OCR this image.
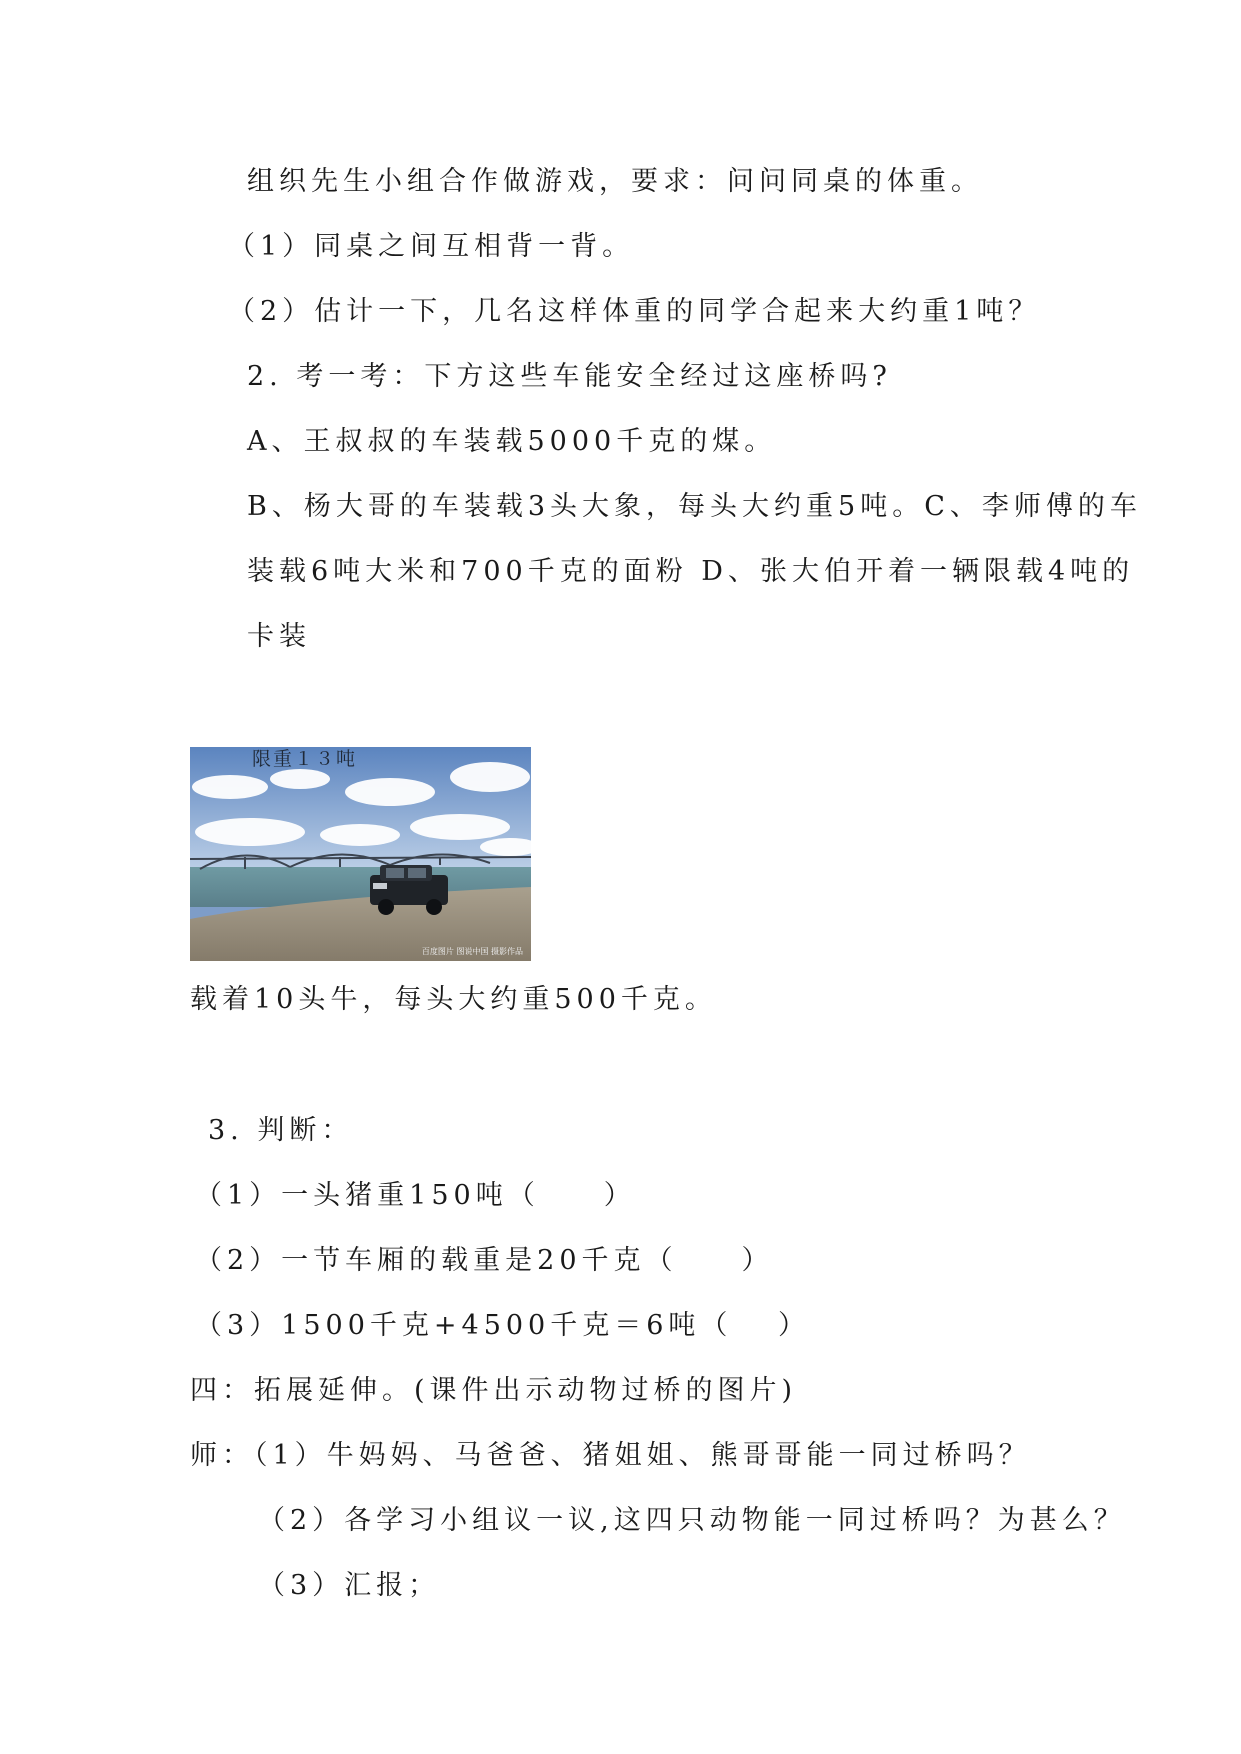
组织先生小组合作做游戏，要求：问问同桌的体重。

（1）同桌之间互相背一背。

（2）估计一下，几名这样体重的同学合起来大约重1吨？

2. 考一考：下方这些车能安全经过这座桥吗?

A、王叔叔的车装载5000千克的煤。

B、杨大哥的车装载3头大象，每头大约重5吨。C、李师傅的车

装载6吨大米和700千克的面粉 D、张大伯开着一辆限载4吨的

卡装

限重１３吨
百度图片 图说中国 摄影作品

载着10头牛，每头大约重500千克。

3. 判断：

（1）一头猪重150吨（　　）

（2）一节车厢的载重是20千克（　　）

（3）1500千克+4500千克＝6吨（　 ）

四：拓展延伸。(课件出示动物过桥的图片)

师：（1）牛妈妈、马爸爸、猪姐姐、熊哥哥能一同过桥吗？

（2）各学习小组议一议,这四只动物能一同过桥吗？为甚么？

（3）汇报；
